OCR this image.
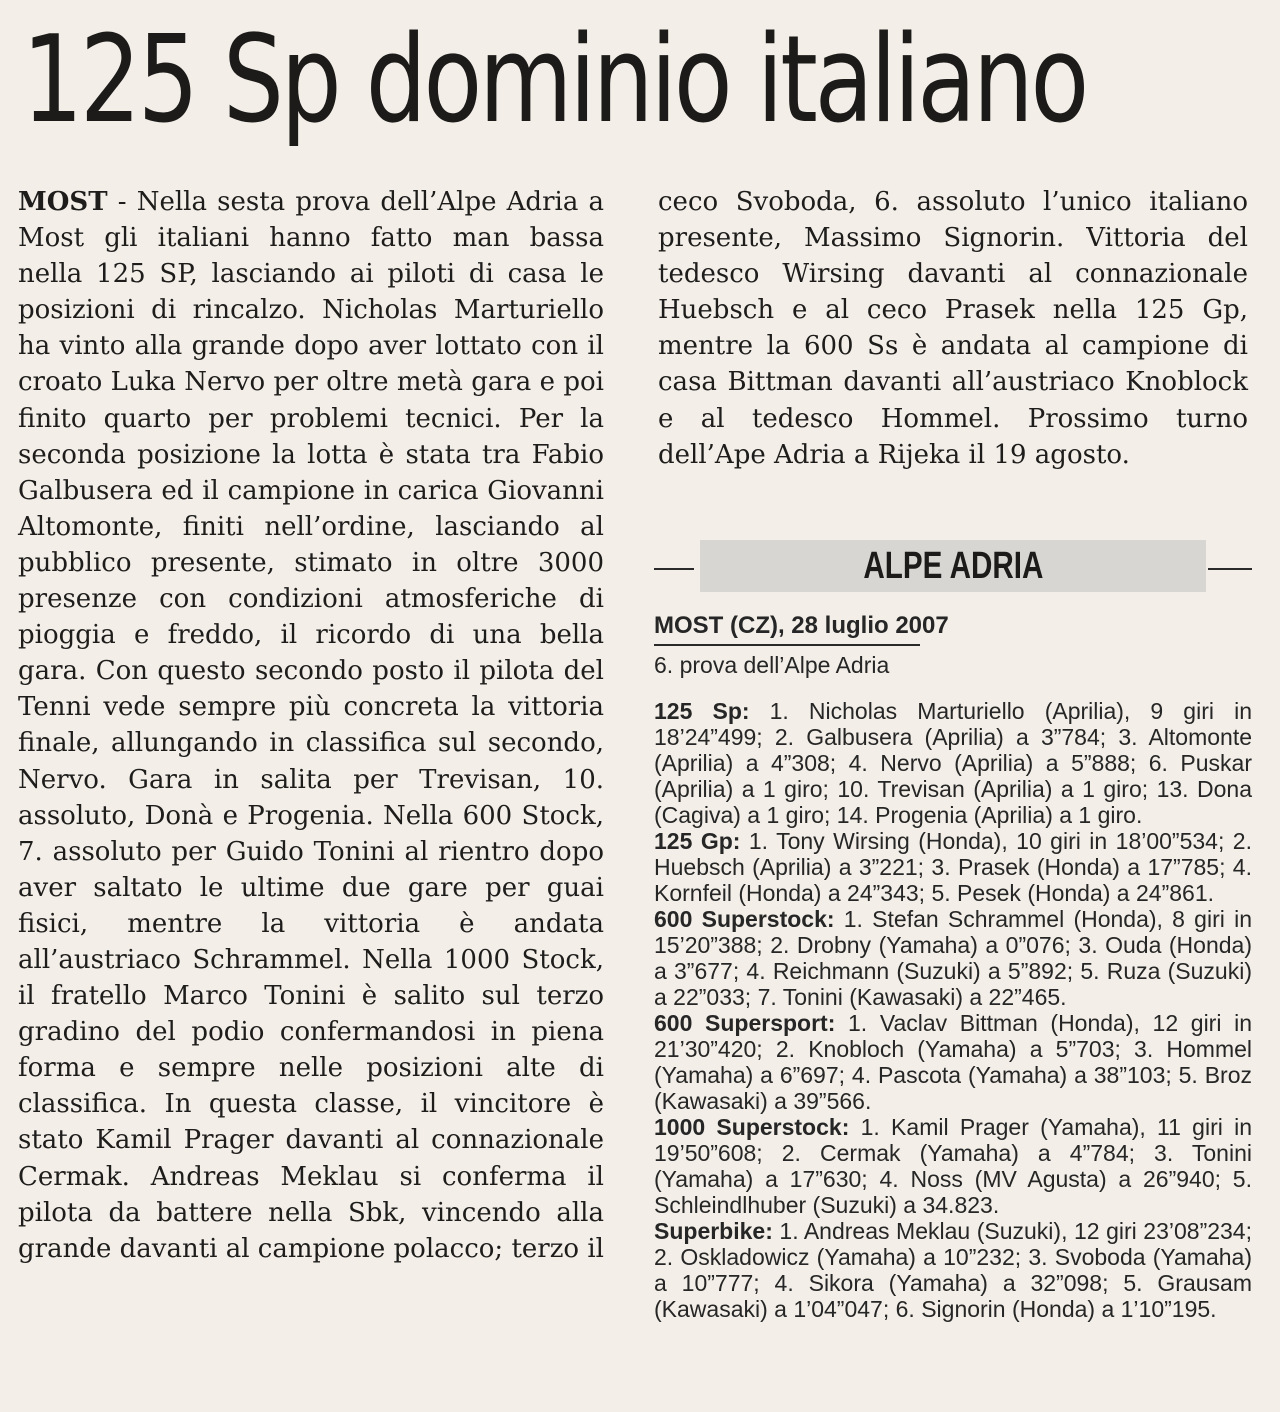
125 Sp dominio italiano

MOST - Nella sesta prova dell’Alpe Adria a Most gli italiani hanno fatto man bassa nella 125 SP, lasciando ai piloti di casa le posizioni di rincalzo. Nicholas Marturiello ha vinto alla grande dopo aver lottato con il croato Luka Nervo per oltre metà gara e poi finito quarto per problemi tecnici. Per la seconda posizione la lotta è stata tra Fabio Galbusera ed il campione in carica Giovanni Altomonte, finiti nell’ordine, lasciando al pubblico presente, stimato in oltre 3000 presenze con condizioni atmosferiche di pioggia e freddo, il ricordo di una bella gara. Con questo secondo posto il pilota del Tenni vede sempre più concreta la vittoria finale, allungando in classifica sul secondo, Nervo. Gara in salita per Trevisan, 10. assoluto, Donà e Progenia. Nella 600 Stock, 7. assoluto per Guido Tonini al rientro dopo aver saltato le ultime due gare per guai fisici, mentre la vittoria è andata all’austriaco Schrammel. Nella 1000 Stock, il fratello Marco Tonini è salito sul terzo gradino del podio confermandosi in piena forma e sempre nelle posizioni alte di classifica. In questa classe, il vincitore è stato Kamil Prager davanti al connazionale Cermak. Andreas Meklau si conferma il pilota da battere nella Sbk, vincendo alla grande davanti al campione polacco; terzo il

ceco Svoboda, 6. assoluto l’unico italiano presente, Massimo Signorin. Vittoria del tedesco Wirsing davanti al connazionale Huebsch e al ceco Prasek nella 125 Gp, mentre la 600 Ss è andata al campione di casa Bittman davanti all’austriaco Knoblock e al tedesco Hommel. Prossimo turno dell’Ape Adria a Rijeka il 19 agosto.

ALPE ADRIA
MOST (CZ), 28 luglio 2007
6. prova dell’Alpe Adria

125 Sp: 1. Nicholas Marturiello (Aprilia), 9 giri in 18’24”499; 2. Galbusera (Aprilia) a 3”784; 3. Altomonte (Aprilia) a 4”308; 4. Nervo (Aprilia) a 5”888; 6. Puskar (Aprilia) a 1 giro; 10. Trevisan (Aprilia) a 1 giro; 13. Dona (Cagiva) a 1 giro; 14. Progenia (Aprilia) a 1 giro.

125 Gp: 1. Tony Wirsing (Honda), 10 giri in 18’00”534; 2. Huebsch (Aprilia) a 3”221; 3. Prasek (Honda) a 17”785; 4. Kornfeil (Honda) a 24”343; 5. Pesek (Honda) a 24”861.

600 Superstock: 1. Stefan Schrammel (Honda), 8 giri in 15’20”388; 2. Drobny (Yamaha) a 0”076; 3. Ouda (Honda) a 3”677; 4. Reichmann (Suzuki) a 5”892; 5. Ruza (Suzuki) a 22”033; 7. Tonini (Kawasaki) a 22”465.

600 Supersport: 1. Vaclav Bittman (Honda), 12 giri in 21’30”420; 2. Knobloch (Yamaha) a 5”703; 3. Hommel (Yamaha) a 6”697; 4. Pascota (Yamaha) a 38”103; 5. Broz (Kawasaki) a 39”566.

1000 Superstock: 1. Kamil Prager (Yamaha), 11 giri in 19’50”608; 2. Cermak (Yamaha) a 4”784; 3. Tonini (Yamaha) a 17”630; 4. Noss (MV Agusta) a 26”940; 5. Schleindlhuber (Suzuki) a 34.823.

Superbike: 1. Andreas Meklau (Suzuki), 12 giri 23’08”234; 2. Oskladowicz (Yamaha) a 10”232; 3. Svoboda (Yamaha) a 10”777; 4. Sikora (Yamaha) a 32”098; 5. Grausam (Kawasaki) a 1’04”047; 6. Signorin (Honda) a 1’10”195.
